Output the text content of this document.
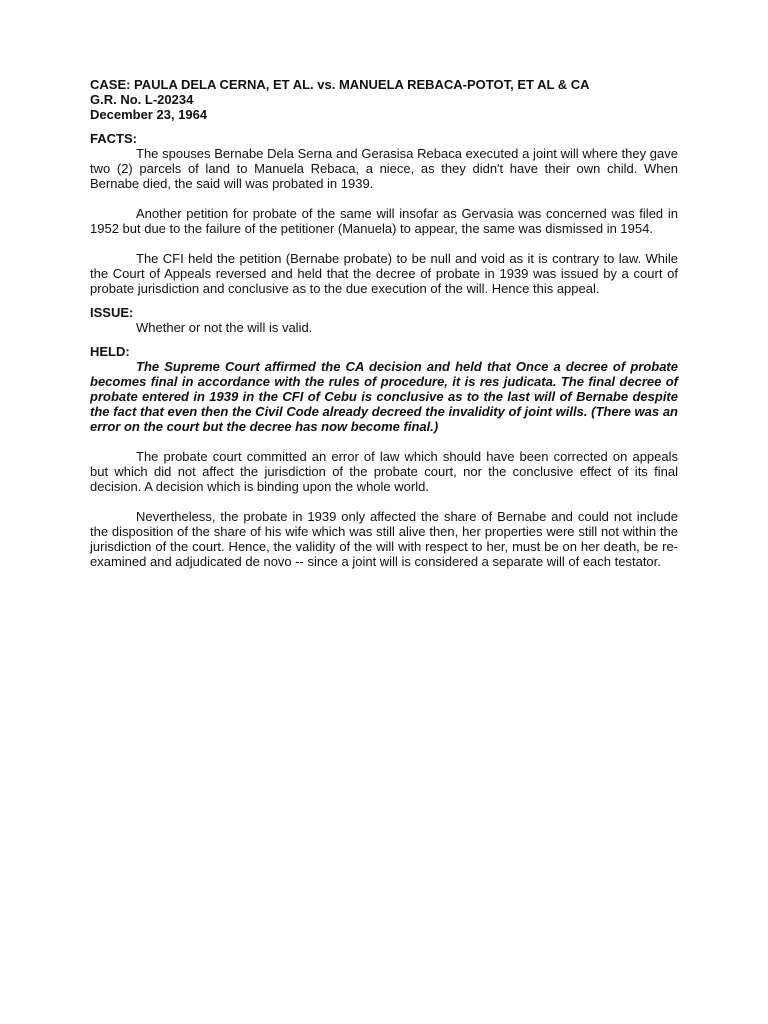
CASE: PAULA DELA CERNA, ET AL. vs. MANUELA REBACA-POTOT, ET AL & CA
G.R. No. L-20234
December 23, 1964
FACTS:

The spouses Bernabe Dela Serna and Gerasisa Rebaca executed a joint will where they gave two (2) parcels of land to Manuela Rebaca, a niece, as they didn't have their own child. When Bernabe died, the said will was probated in 1939.

Another petition for probate of the same will insofar as Gervasia was concerned was filed in 1952 but due to the failure of the petitioner (Manuela) to appear, the same was dismissed in 1954.

The CFI held the petition (Bernabe probate) to be null and void as it is contrary to law. While the Court of Appeals reversed and held that the decree of probate in 1939 was issued by a court of probate jurisdiction and conclusive as to the due execution of the will. Hence this appeal.

ISSUE:

Whether or not the will is valid.

HELD:

The Supreme Court affirmed the CA decision and held that Once a decree of probate becomes final in accordance with the rules of procedure, it is res judicata. The final decree of probate entered in 1939 in the CFI of Cebu is conclusive as to the last will of Bernabe despite the fact that even then the Civil Code already decreed the invalidity of joint wills. (There was an error on the court but the decree has now become final.)

The probate court committed an error of law which should have been corrected on appeals but which did not affect the jurisdiction of the probate court, nor the conclusive effect of its final decision. A decision which is binding upon the whole world.

Nevertheless, the probate in 1939 only affected the share of Bernabe and could not include the disposition of the share of his wife which was still alive then, her properties were still not within the jurisdiction of the court. Hence, the validity of the will with respect to her, must be on her death, be re-examined and adjudicated de novo -- since a joint will is considered a separate will of each testator.
